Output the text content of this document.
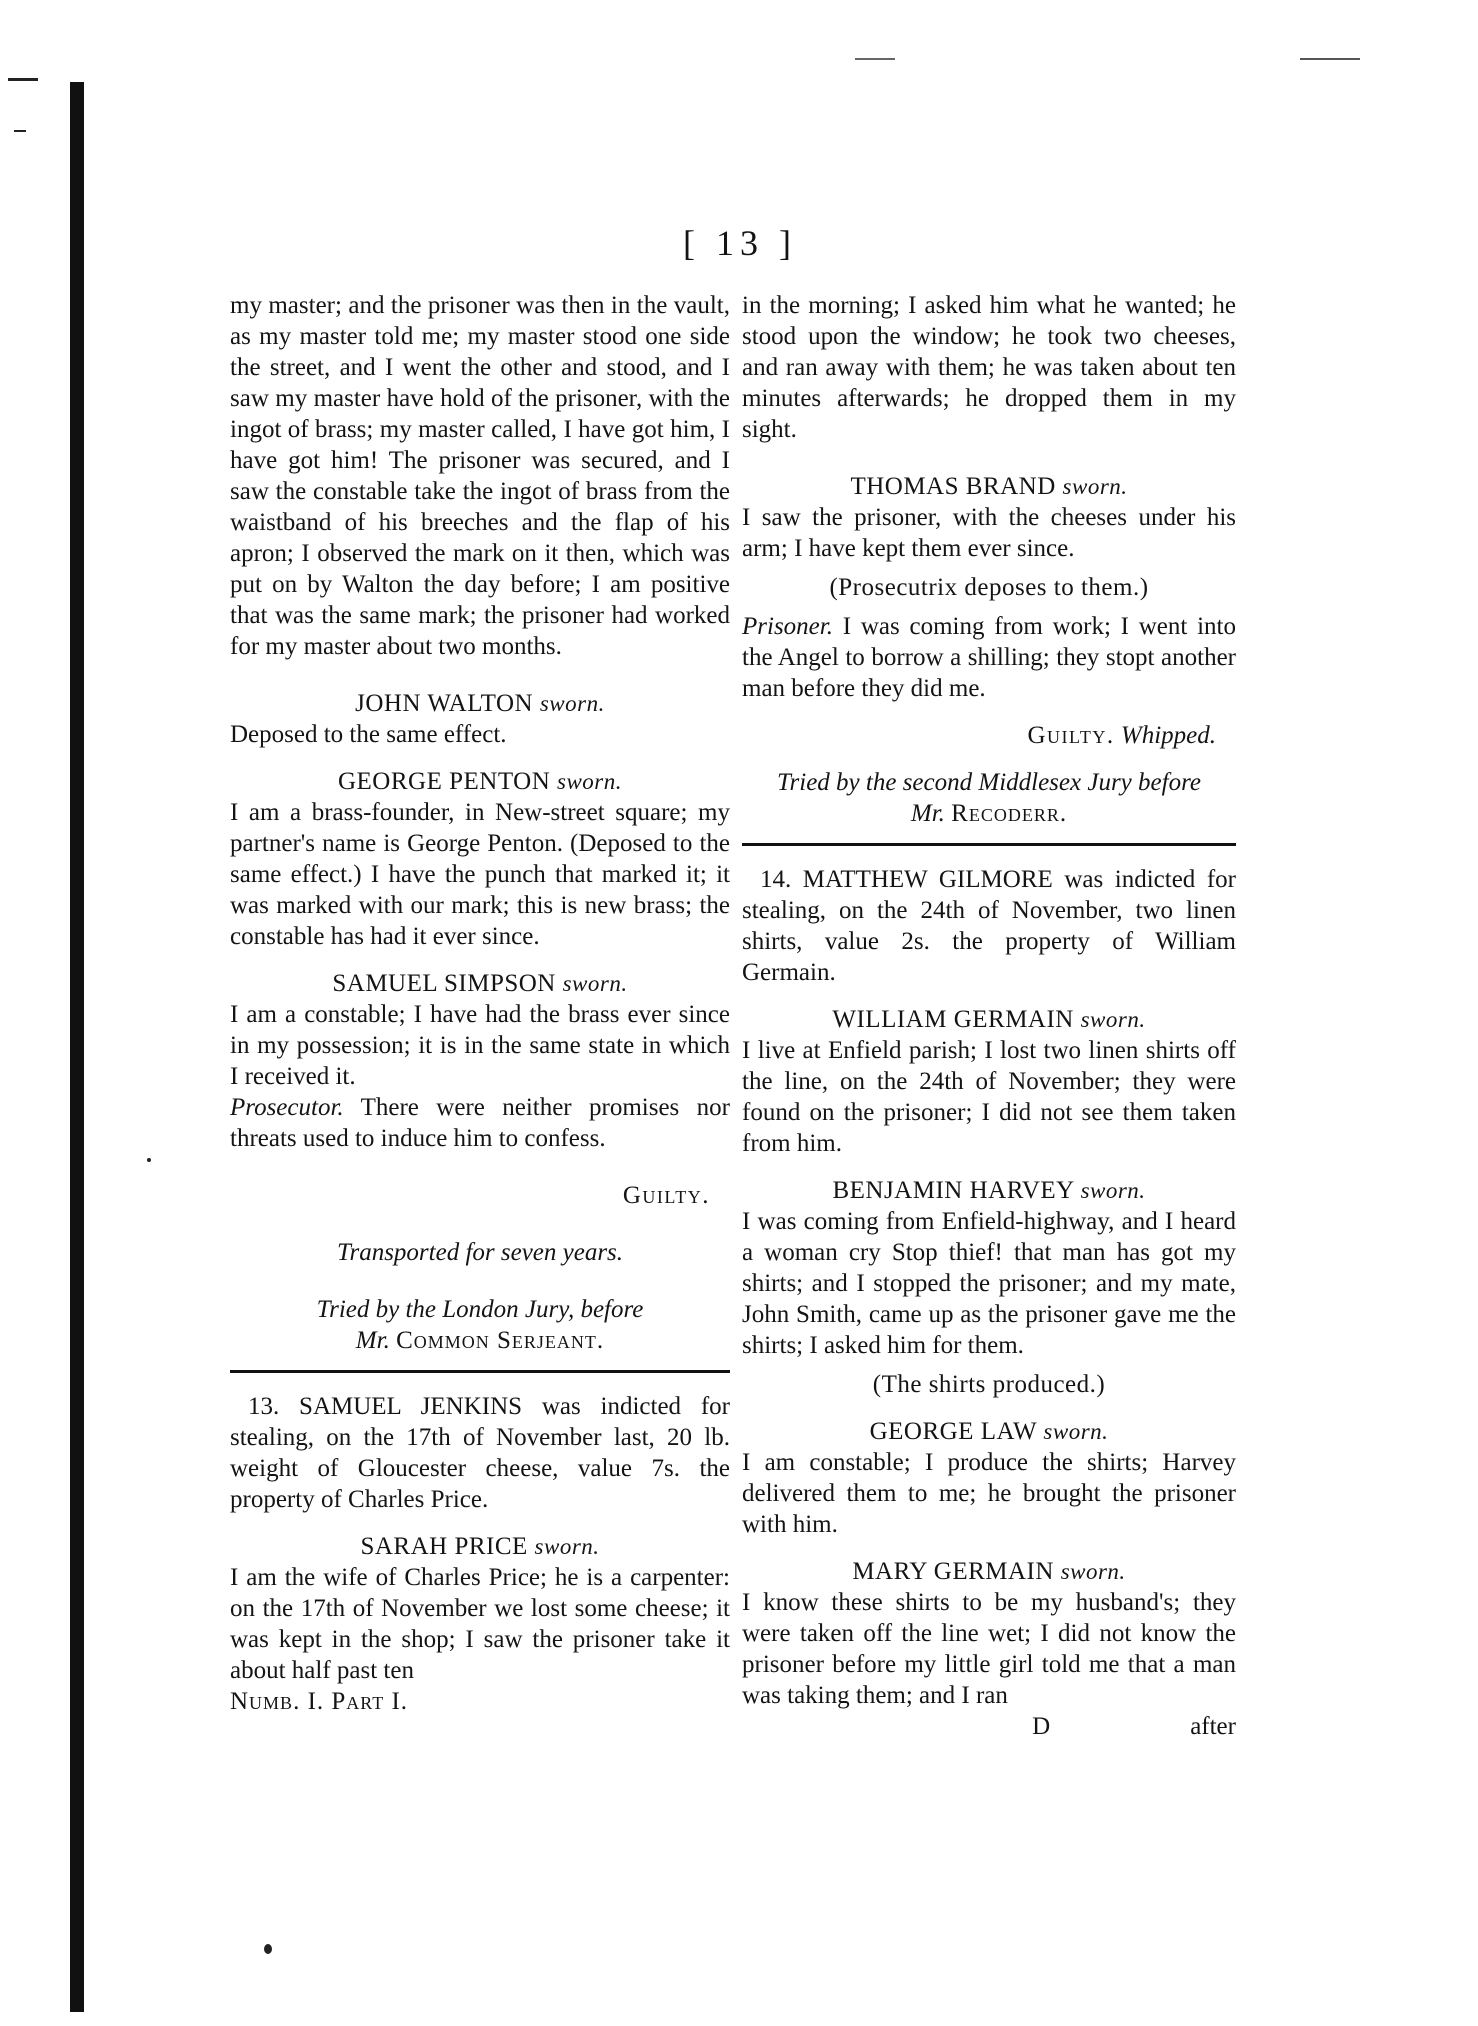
[ 13 ]

my master; and the prisoner was then in the vault, as my master told me; my master stood one side the street, and I went the other and stood, and I saw my master have hold of the prisoner, with the ingot of brass; my master called, I have got him, I have got him! The prisoner was secured, and I saw the constable take the ingot of brass from the waistband of his breeches and the flap of his apron; I observed the mark on it then, which was put on by Walton the day before; I am positive that was the same mark; the prisoner had worked for my master about two months.

JOHN WALTON sworn.

Deposed to the same effect.

GEORGE PENTON sworn.

I am a brass-founder, in New-street square; my partner's name is George Penton. (Deposed to the same effect.) I have the punch that marked it; it was marked with our mark; this is new brass; the constable has had it ever since.

SAMUEL SIMPSON sworn.

I am a constable; I have had the brass ever since in my possession; it is in the same state in which I received it.

Prosecutor. There were neither promises nor threats used to induce him to confess.

Guilty.

Transported for seven years.

Tried by the London Jury, before

Mr. Common Serjeant.

13. SAMUEL JENKINS was indicted for stealing, on the 17th of November last, 20 lb. weight of Gloucester cheese, value 7s. the property of Charles Price.

SARAH PRICE sworn.

I am the wife of Charles Price; he is a carpenter: on the 17th of November we lost some cheese; it was kept in the shop; I saw the prisoner take it about half past ten

Numb. I. Part I.

in the morning; I asked him what he wanted; he stood upon the window; he took two cheeses, and ran away with them; he was taken about ten minutes afterwards; he dropped them in my sight.

THOMAS BRAND sworn.

I saw the prisoner, with the cheeses under his arm; I have kept them ever since.

(Prosecutrix deposes to them.)

Prisoner. I was coming from work; I went into the Angel to borrow a shilling; they stopt another man before they did me.

Guilty. Whipped.

Tried by the second Middlesex Jury before

Mr. Recoderr.

14. MATTHEW GILMORE was indicted for stealing, on the 24th of November, two linen shirts, value 2s. the property of William Germain.

WILLIAM GERMAIN sworn.

I live at Enfield parish; I lost two linen shirts off the line, on the 24th of November; they were found on the prisoner; I did not see them taken from him.

BENJAMIN HARVEY sworn.

I was coming from Enfield-highway, and I heard a woman cry Stop thief! that man has got my shirts; and I stopped the prisoner; and my mate, John Smith, came up as the prisoner gave me the shirts; I asked him for them.

(The shirts produced.)

GEORGE LAW sworn.

I am constable; I produce the shirts; Harvey delivered them to me; he brought the prisoner with him.

MARY GERMAIN sworn.

I know these shirts to be my husband's; they were taken off the line wet; I did not know the prisoner before my little girl told me that a man was taking them; and I ran

D	after
